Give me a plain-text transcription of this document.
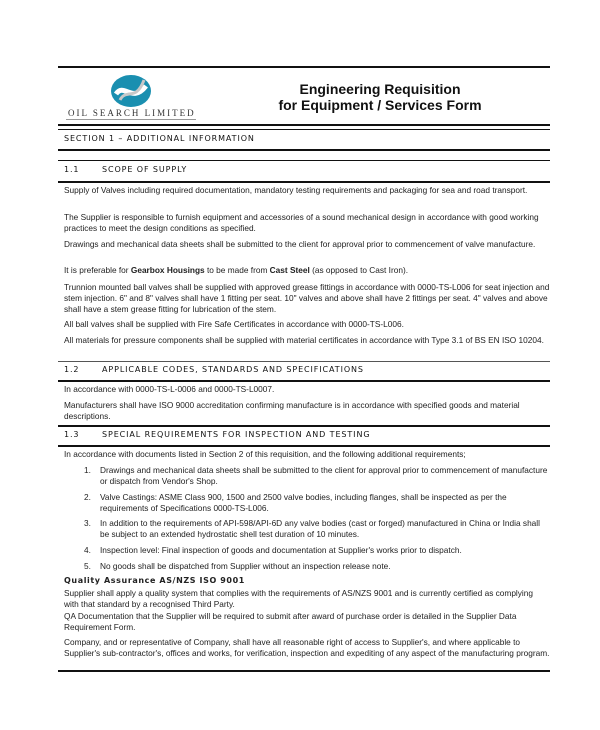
OIL SEARCH LIMITED
Engineering Requisition
for Equipment / Services Form
SECTION 1 – ADDITIONAL INFORMATION
1.1	SCOPE OF SUPPLY
Supply of Valves including required documentation, mandatory testing requirements and packaging for sea and road transport.
The Supplier is responsible to furnish equipment and accessories of a sound mechanical design in accordance with good working practices to meet the design conditions as specified.
Drawings and mechanical data sheets shall be submitted to the client for approval prior to commencement of valve manufacture.
It is preferable for Gearbox Housings to be made from Cast Steel (as opposed to Cast Iron).
Trunnion mounted ball valves shall be supplied with approved grease fittings in accordance with 0000-TS-L006 for seat injection and stem injection. 6" and 8" valves shall have 1 fitting per seat. 10" valves and above shall have 2 fittings per seat. 4" valves and above shall have a stem grease fitting for lubrication of the stem.
All ball valves shall be supplied with Fire Safe Certificates in accordance with 0000-TS-L006.
All materials for pressure components shall be supplied with material certificates in accordance with Type 3.1 of BS EN ISO 10204.
1.2	APPLICABLE CODES, STANDARDS AND SPECIFICATIONS
In accordance with 0000-TS-L-0006 and 0000-TS-L0007.
Manufacturers shall have ISO 9000 accreditation confirming manufacture is in accordance with specified goods and material descriptions.
1.3	SPECIAL REQUIREMENTS FOR INSPECTION AND TESTING
In accordance with documents listed in Section 2 of this requisition, and the following additional requirements;
1. Drawings and mechanical data sheets shall be submitted to the client for approval prior to commencement of manufacture or dispatch from Vendor's Shop.
2. Valve Castings: ASME Class 900, 1500 and 2500 valve bodies, including flanges, shall be inspected as per the requirements of Specifications 0000-TS-L006.
3. In addition to the requirements of API-598/API-6D any valve bodies (cast or forged) manufactured in China or India shall be subject to an extended hydrostatic shell test duration of 10 minutes.
4. Inspection level: Final inspection of goods and documentation at Supplier's works prior to dispatch.
5. No goods shall be dispatched from Supplier without an inspection release note.
Quality Assurance AS/NZS ISO 9001
Supplier shall apply a quality system that complies with the requirements of AS/NZS 9001 and is currently certified as complying with that standard by a recognised Third Party.
QA Documentation that the Supplier will be required to submit after award of purchase order is detailed in the Supplier Data Requirement Form.
Company, and or representative of Company, shall have all reasonable right of access to Supplier's, and where applicable to Supplier's sub-contractor's, offices and works, for verification, inspection and expediting of any aspect of the manufacturing program.
